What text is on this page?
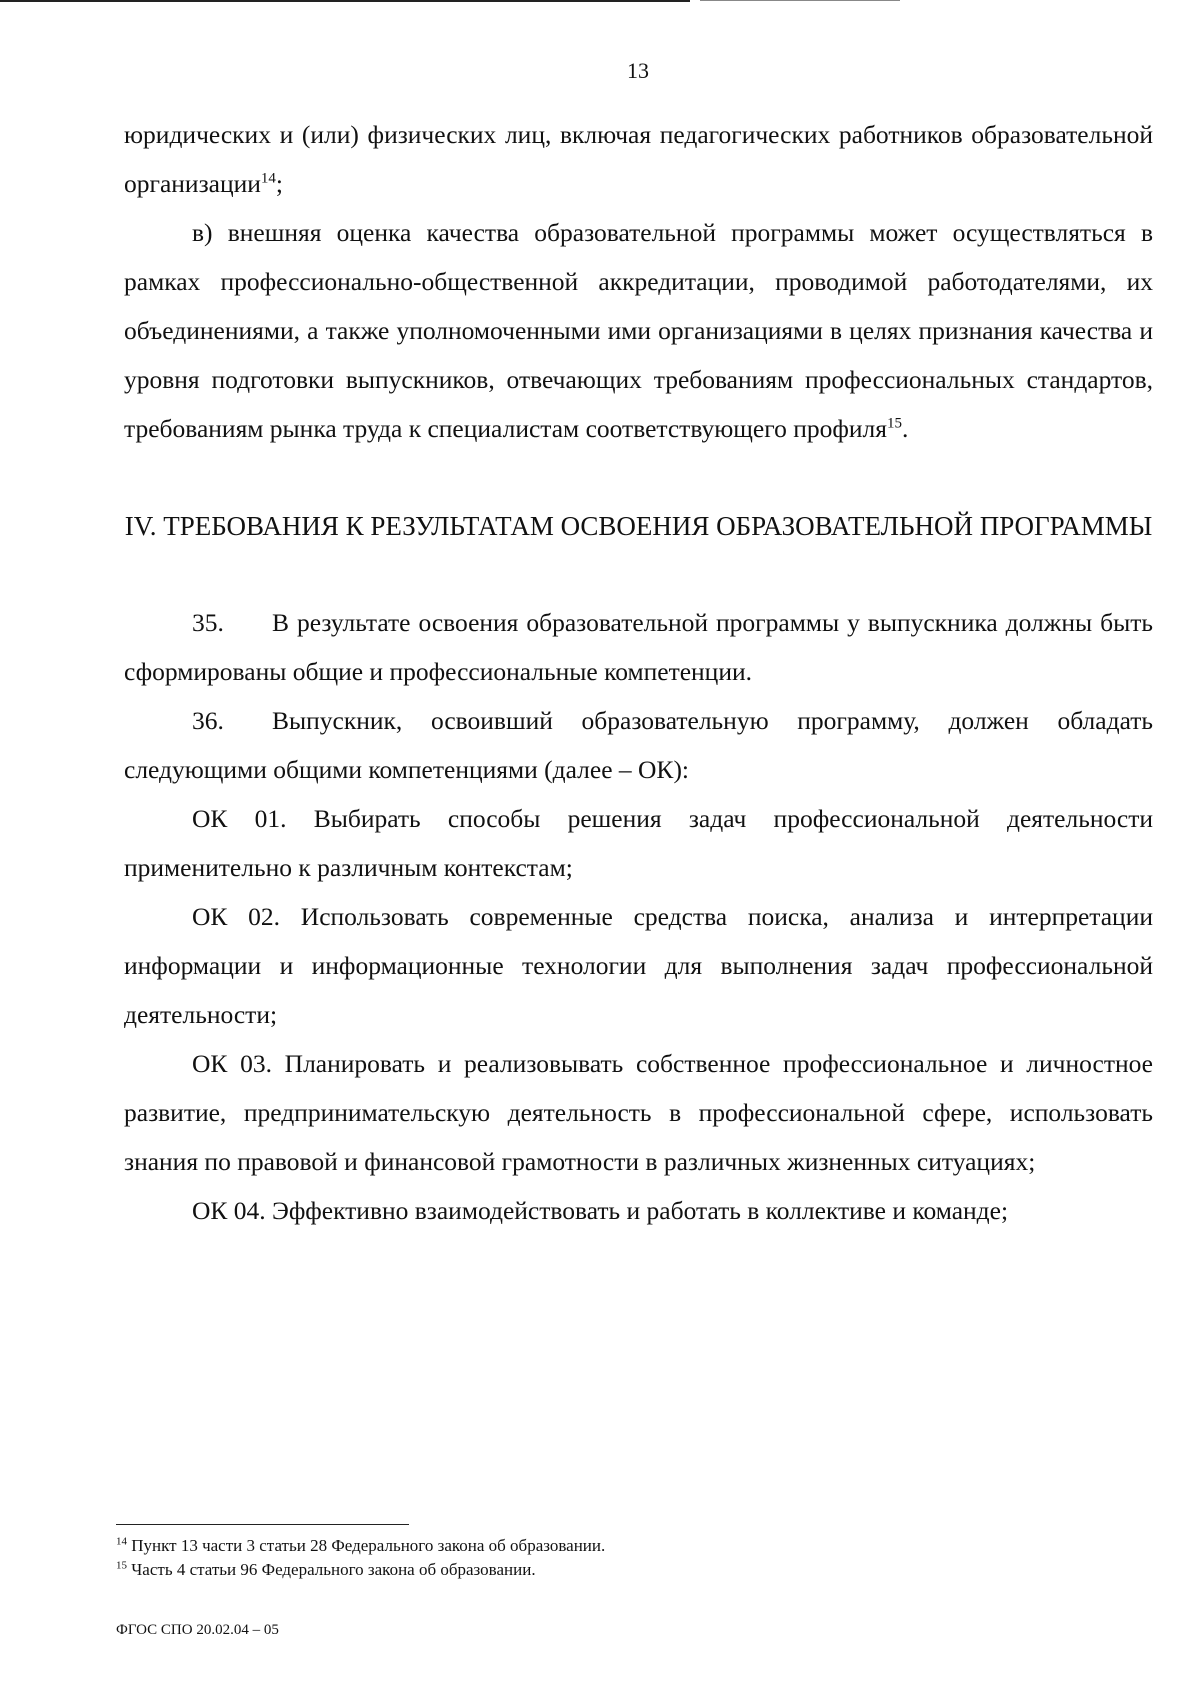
13

юридических и (или) физических лиц, включая педагогических работников образовательной организации$^{14}$;

в) внешняя оценка качества образовательной программы может осуществляться в рамках профессионально-общественной аккредитации, проводимой работодателями, их объединениями, а также уполномоченными ими организациями в целях признания качества и уровня подготовки выпускников, отвечающих требованиям профессиональных стандартов, требованиям рынка труда к специалистам соответствующего профиля$^{15}$.

IV. ТРЕБОВАНИЯ К РЕЗУЛЬТАТАМ ОСВОЕНИЯ ОБРАЗОВАТЕЛЬНОЙ ПРОГРАММЫ

35. В результате освоения образовательной программы у выпускника должны быть сформированы общие и профессиональные компетенции.

36. Выпускник, освоивший образовательную программу, должен обладать следующими общими компетенциями (далее – ОК):

ОК 01. Выбирать способы решения задач профессиональной деятельности применительно к различным контекстам;

ОК 02. Использовать современные средства поиска, анализа и интерпретации информации и информационные технологии для выполнения задач профессиональной деятельности;

ОК 03. Планировать и реализовывать собственное профессиональное и личностное развитие, предпринимательскую деятельность в профессиональной сфере, использовать знания по правовой и финансовой грамотности в различных жизненных ситуациях;

ОК 04. Эффективно взаимодействовать и работать в коллективе и команде;

$^{14}$ Пункт 13 части 3 статьи 28 Федерального закона об образовании.
$^{15}$ Часть 4 статьи 96 Федерального закона об образовании.
ФГОС СПО 20.02.04 – 05
